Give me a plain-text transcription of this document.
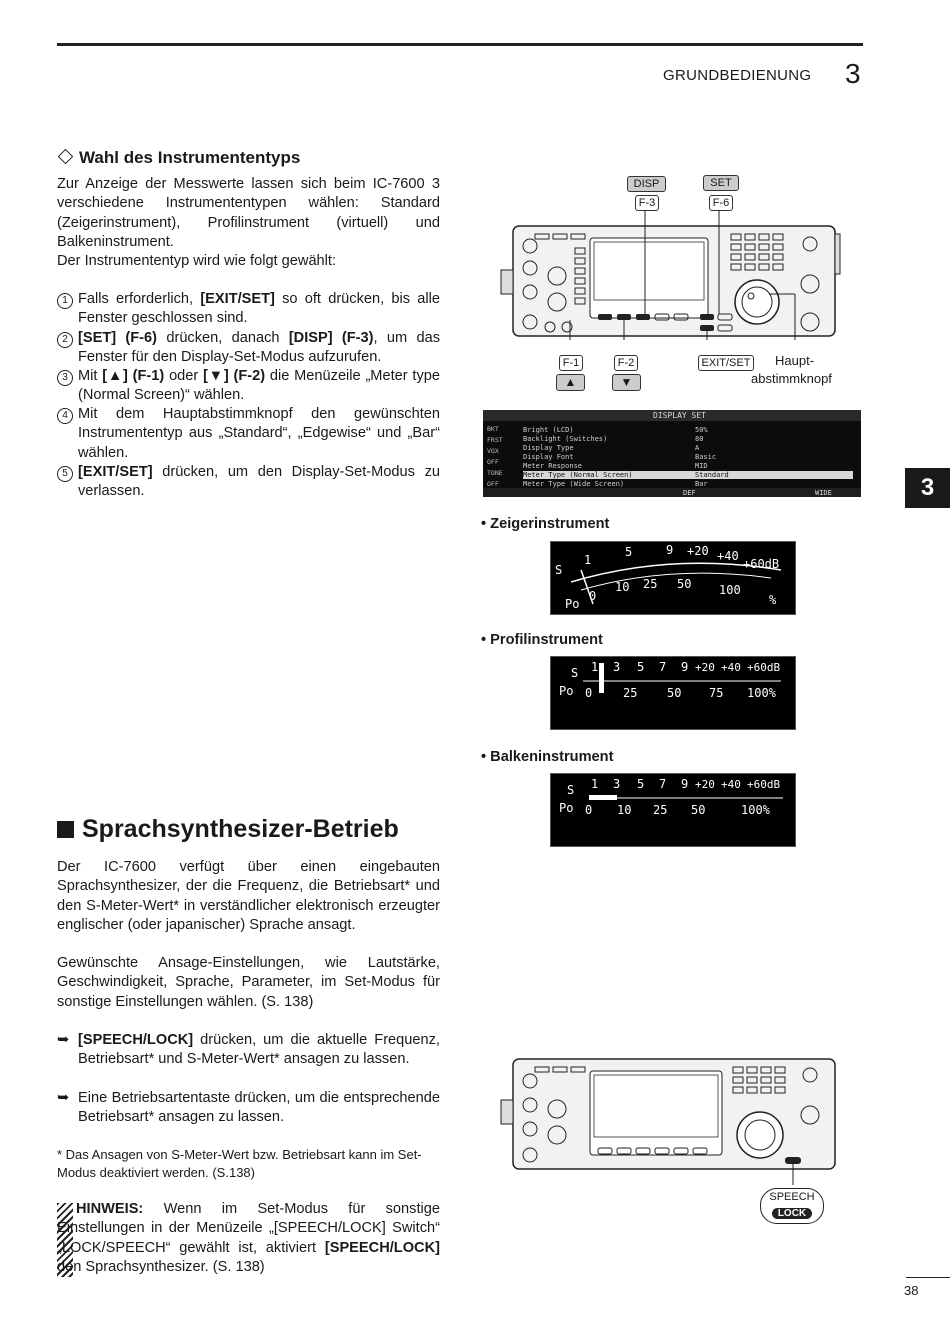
GRUNDBEDIENUNG 3
3
Wahl des Instrumententyps
Zur Anzeige der Messwerte lassen sich beim IC-7600 3 verschiedene Instrumententypen wählen: Standard (Zeigerinstrument), Profilinstrument (virtuell) und Balkeninstrument.
Der Instrumententyp wird wie folgt gewählt:
1 Falls erforderlich, [EXIT/SET] so oft drücken, bis alle Fenster geschlossen sind.
2 [SET] (F-6) drücken, danach [DISP] (F-3), um das Fenster für den Display-Set-Modus aufzurufen.
3 Mit [▲] (F-1) oder [▼] (F-2) die Menüzeile „Meter type (Normal Screen)“ wählen.
4 Mit dem Hauptabstimmknopf den gewünschten Instrumententyp aus „Standard“, „Edgewise“ und „Bar“ wählen.
5 [EXIT/SET] drücken, um den Display-Set-Modus zu verlassen.
Sprachsynthesizer-Betrieb
Der IC-7600 verfügt über einen eingebauten Sprachsynthesizer, der die Frequenz, die Betriebsart* und den S-Meter-Wert* in verständlicher elektronisch erzeugter englischer (oder japanischer) Sprache ansagt.
Gewünschte Ansage-Einstellungen, wie Lautstärke, Geschwindigkeit, Sprache, Parameter, im Set-Modus für sonstige Einstellungen wählen. (S. 138)
➥ [SPEECH/LOCK] drücken, um die aktuelle Frequenz, Betriebsart* und S-Meter-Wert* ansagen zu lassen.
➥ Eine Betriebsartentaste drücken, um die entsprechende Betriebsart* ansagen zu lassen.
* Das Ansagen von S-Meter-Wert bzw. Betriebsart kann im Set-Modus deaktiviert werden. (S.138)
HINWEIS: Wenn im Set-Modus für sonstige Einstellungen in der Menüzeile „[SPEECH/LOCK] Switch“ „LOCK/SPEECH“ gewählt ist, aktiviert [SPEECH/LOCK] den Sprachsynthesizer. (S. 138)
DISP	SET
F-3	F-6
F-1	F-2	EXIT/SET Haupt-
abstimmknopf
▲	▼
DISPLAY SET
Bright (LCD)	50%
Backlight (Switches)	80
Display Type	A
Display Font	Basic
Meter Response	MID
Meter Type (Normal Screen)	Standard
Meter Type (Wide Screen)	Bar
BKT
FRST
VOX
OFF
TONE
OFF
DEF	WIDE
• Zeigerinstrument
• Profilinstrument
• Balkeninstrument
S
1
5	9 +20 +40
+60dB
Po
0
10 25 50 100
%
S 1 3 5 7 9 +20 +40 +60dB
Po 0	25 50 75 100%
S 1 3 5 7 9 +20 +40 +60dB
Po 0 10 25 50	100%
SPEECH
LOCK
38
